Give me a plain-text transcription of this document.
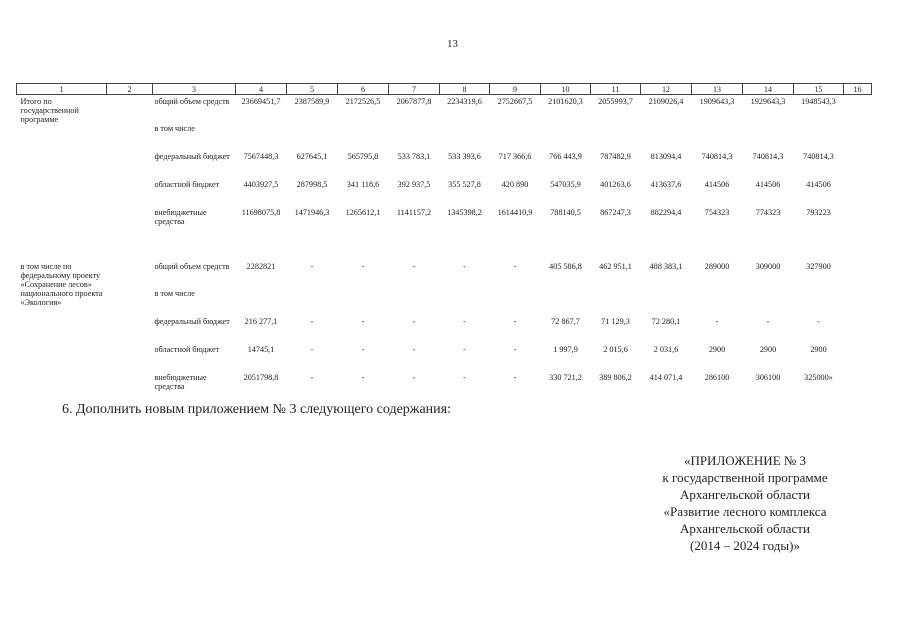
13
1	2	3	4	5	6	7	8	9	10	11	12	13	14	15	16
Итого по государственной программе		общий объем средств	23669451,7	2387589,9	2172526,5	2067877,8	2234319,6	2752667,5	2101620,3	2055993,7	2109026,4	1909643,3	1929643,3	1948543,3	
		в том числе													
		федеральный бюджет	7567448,3	627645,1	565795,8	533 783,1	533 393,6	717 366,6	766 443,9	787482,9	813094,4	740814,3	740814,3	740814,3	
		областной бюджет	4403927,5	287998,5	341 118,6	392 937,5	355 527,8	420 890	547035,9	401263,6	413637,6	414506	414506	414506	
		внебюджетные средства	11698075,8	1471946,3	1265612,1	1141157,2	1345398,2	1614410,9	788140,5	867247,3	882294,4	754323	774323	793223	

в том числе по федеральному проекту «Сохранение лесов» национального проекта «Экология»		общий объем средств	2282821	-	-	-	-	-	405 586,8	462 951,1	488 383,1	289000	309000	327900	
		в том числе													
		федеральный бюджет	216 277,1	-	-	-	-	-	72 867,7	71 129,3	72 280,1	-	-	-	
		областной бюджет	14745,1	-	-	-	-	-	1 997,9	2 015,6	2 031,6	2900	2900	2900	
		внебюджетные средства	2051798,8	-	-	-	-	-	330 721,2	389 806,2	414 071,4	286100	306100	325000»	
6. Дополнить новым приложением № 3 следующего содержания:
«ПРИЛОЖЕНИЕ № 3
к государственной программе
Архангельской области
«Развитие лесного комплекса
Архангельской области
(2014 – 2024 годы)»
